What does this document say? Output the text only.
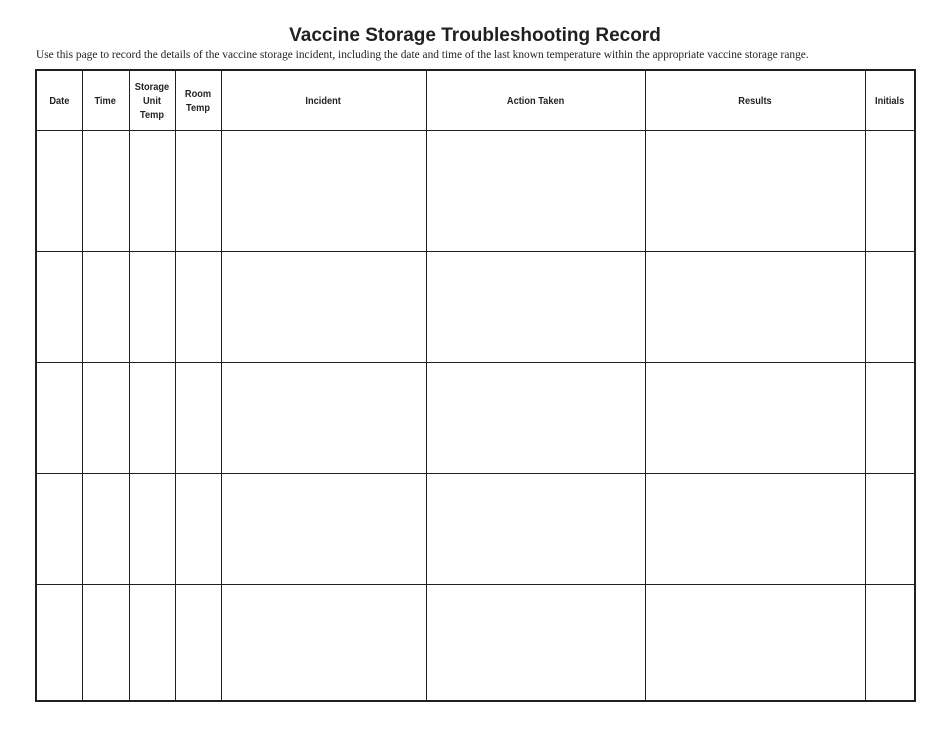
Vaccine Storage Troubleshooting Record
Use this page to record the details of the vaccine storage incident, including the date and time of the last known temperature within the appropriate vaccine storage range.
Date	Time	Storage Unit Temp	Room Temp	Incident	Action Taken	Results	Initials
